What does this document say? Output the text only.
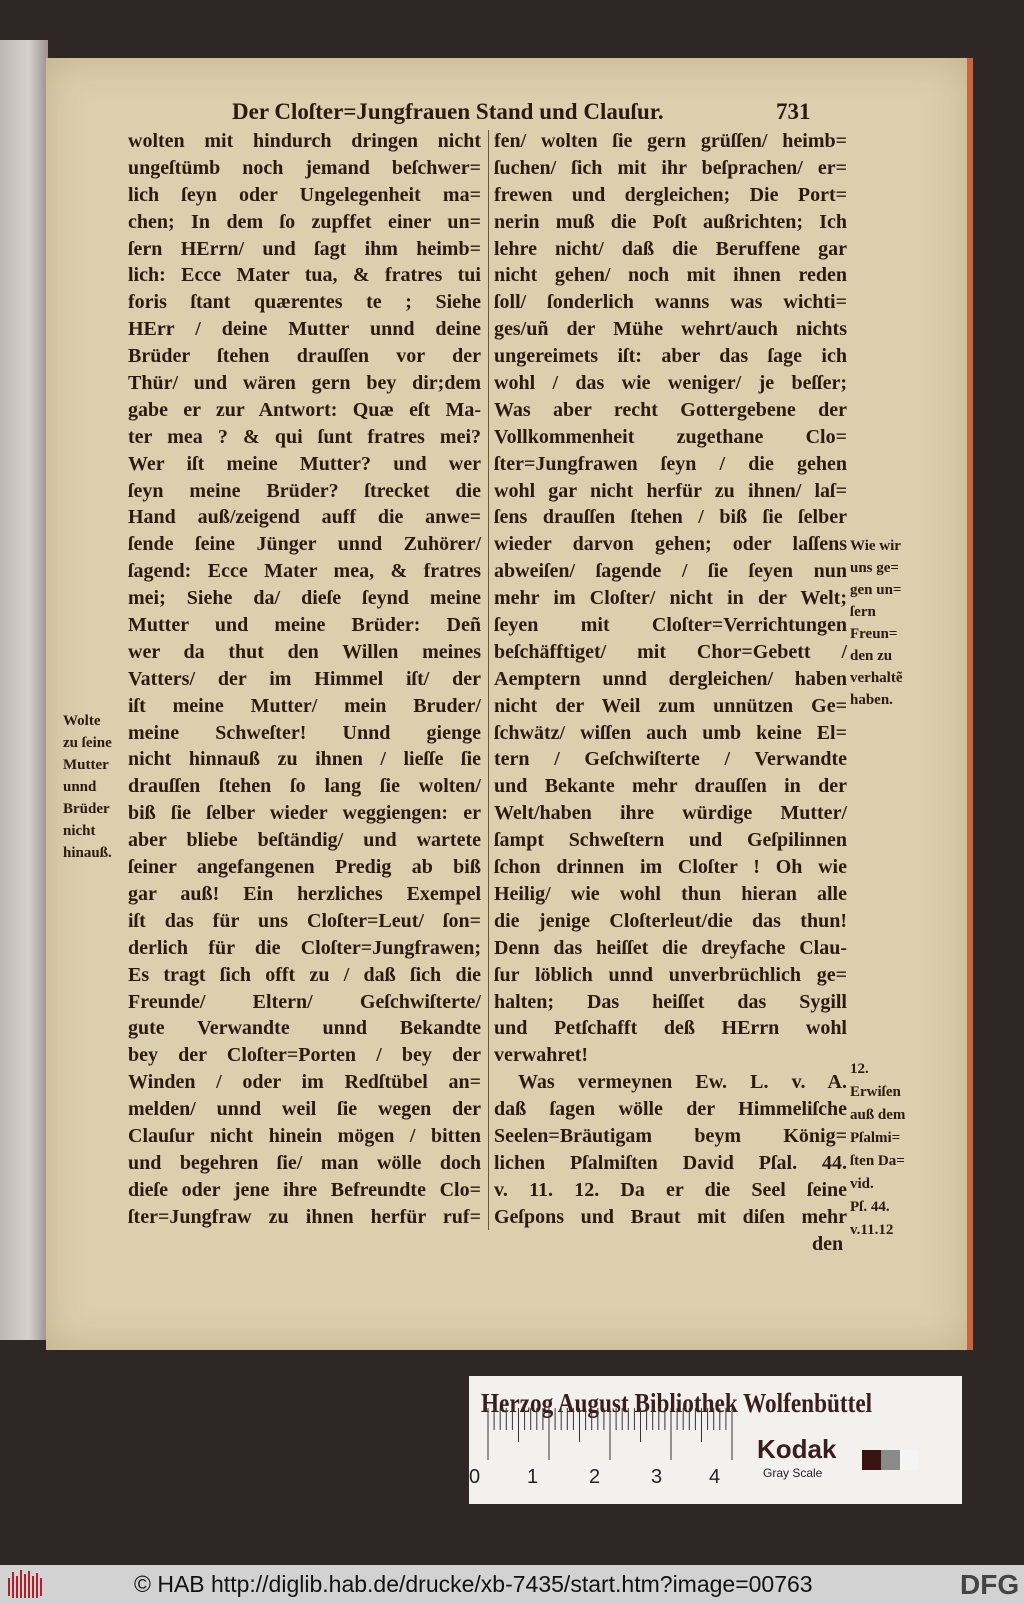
Der Cloſter=Jungfrauen Stand und Clauſur.	731
wolten mit hindurch dringen nicht
ungeſtümb noch jemand beſchwer=
lich ſeyn oder Ungelegenheit ma=
chen; In dem ſo zupffet einer un=
ſern HErrn/ und ſagt ihm heimb=
lich: Ecce Mater tua, & fratres tui
foris ſtant quærentes te ; Siehe
HErr / deine Mutter unnd deine
Brüder ſtehen drauſſen vor der
Thür/ und wären gern bey dir;dem
gabe er zur Antwort: Quæ eſt Ma-
ter mea ? & qui ſunt fratres mei?
Wer iſt meine Mutter? und wer
ſeyn meine Brüder? ſtrecket die
Hand auß/zeigend auff die anwe=
ſende ſeine Jünger unnd Zuhörer/
ſagend: Ecce Mater mea, & fratres
mei; Siehe da/ dieſe ſeynd meine
Mutter und meine Brüder: Deñ
wer da thut den Willen meines
Vatters/ der im Himmel iſt/ der
iſt meine Mutter/ mein Bruder/
meine Schweſter! Unnd gienge
nicht hinnauß zu ihnen / lieſſe ſie
drauſſen ſtehen ſo lang ſie wolten/
biß ſie ſelber wieder weggiengen: er
aber bliebe beſtändig/ und wartete
ſeiner angefangenen Predig ab biß
gar auß! Ein herzliches Exempel
iſt das für uns Cloſter=Leut/ ſon=
derlich für die Cloſter=Jungfrawen;
Es tragt ſich offt zu / daß ſich die
Freunde/ Eltern/ Geſchwiſterte/
gute Verwandte unnd Bekandte
bey der Cloſter=Porten / bey der
Winden / oder im Redſtübel an=
melden/ unnd weil ſie wegen der
Clauſur nicht hinein mögen / bitten
und begehren ſie/ man wölle doch
dieſe oder jene ihre Befreundte Clo=
ſter=Jungfraw zu ihnen herfür ruf=
fen/ wolten ſie gern grüſſen/ heimb=
ſuchen/ ſich mit ihr beſprachen/ er=
frewen und dergleichen; Die Port=
nerin muß die Poſt außrichten; Ich
lehre nicht/ daß die Beruffene gar
nicht gehen/ noch mit ihnen reden
ſoll/ ſonderlich wanns was wichti=
ges/uñ der Mühe wehrt/auch nichts
ungereimets iſt: aber das ſage ich
wohl / das wie weniger/ je beſſer;
Was aber recht Gottergebene der
Vollkommenheit zugethane Clo=
ſter=Jungfrawen ſeyn / die gehen
wohl gar nicht herfür zu ihnen/ laſ=
ſens drauſſen ſtehen / biß ſie ſelber
wieder darvon gehen; oder laſſens
abweiſen/ ſagende / ſie ſeyen nun
mehr im Cloſter/ nicht in der Welt;
ſeyen mit Cloſter=Verrichtungen
beſchäfftiget/ mit Chor=Gebett /
Aemptern unnd dergleichen/ haben
nicht der Weil zum unnützen Ge=
ſchwätz/ wiſſen auch umb keine El=
tern / Geſchwiſterte / Verwandte
und Bekante mehr drauſſen in der
Welt/haben ihre würdige Mutter/
ſampt Schweſtern und Geſpilinnen
ſchon drinnen im Cloſter ! Oh wie
Heilig/ wie wohl thun hieran alle
die jenige Cloſterleut/die das thun!
Denn das heiſſet die dreyfache Clau-
ſur löblich unnd unverbrüchlich ge=
halten; Das heiſſet das Sygill
und Petſchafft deß HErrn wohl
verwahret!
Was vermeynen Ew. L. v. A.
daß ſagen wölle der Himmeliſche
Seelen=Bräutigam beym König=
lichen Pſalmiſten David Pſal. 44.
v. 11. 12. Da er die Seel ſeine
Geſpons und Braut mit diſen mehr
den
Wolte
zu ſeine
Mutter
unnd
Brüder
nicht
hinauß.
Wie wir
uns ge=
gen un=
ſern
Freun=
den zu
verhaltẽ
haben.
12.
Erwiſen
auß dem
Pſalmi=
ſten Da=
vid.
Pſ. 44.
v.11.12
Herzog August Bibliothek Wolfenbüttel
0 1	2	3 4
Kodak
Gray Scale
© HAB http://diglib.hab.de/drucke/xb-7435/start.htm?image=00763	DFG
